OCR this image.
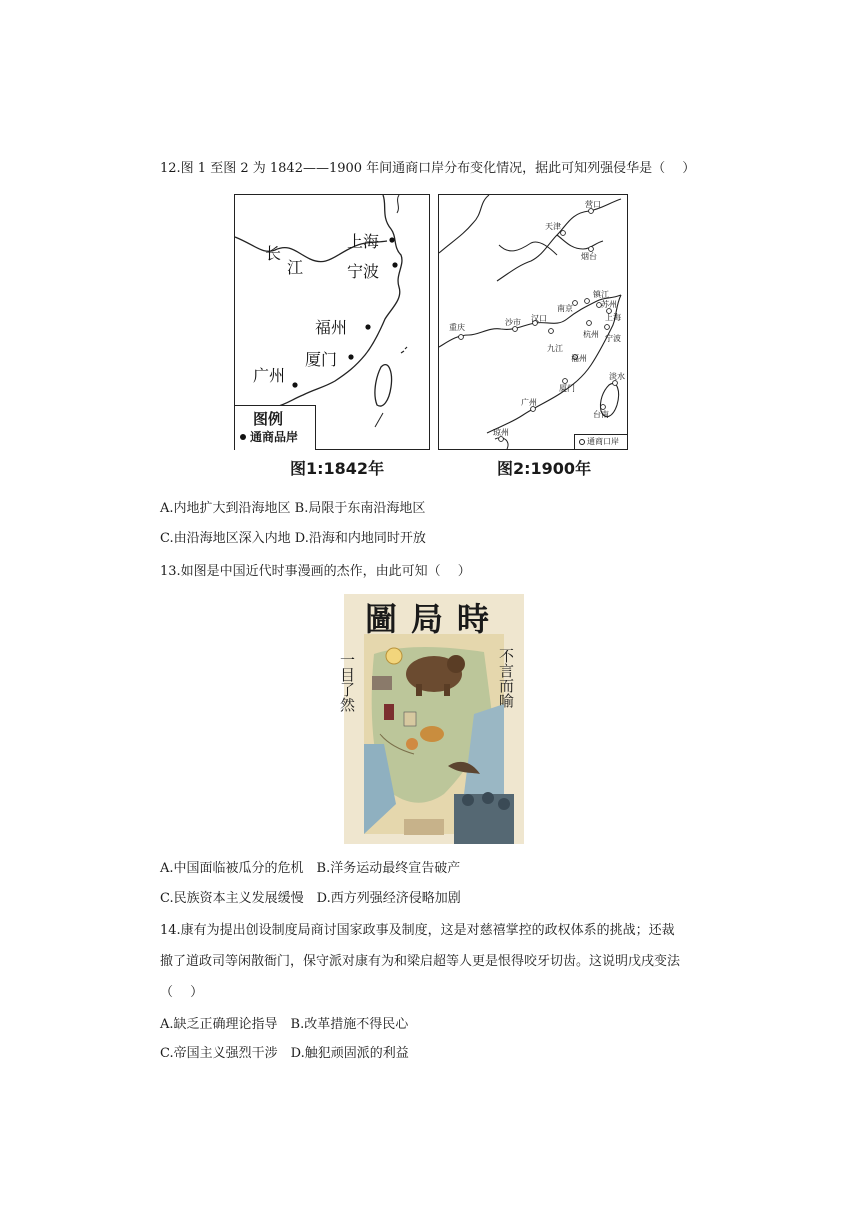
12.图 1 至图 2 为 1842——1900 年间通商口岸分布变化情况，据此可知列强侵华是（　 ）
上海
长
江	宁波
福州
厦门
广州
图例
通商品岸
图1:1842年
营口
天津
烟台
南京
镇江
苏州
上海
重庆
沙市 汉口
九江
杭州 宁波
福州
厦门
淡水
广州
台南
琼州
通商口岸
图2:1900年
A.内地扩大到沿海地区 B.局限于东南沿海地区
C.由沿海地区深入内地 D.沿海和内地同时开放
13.如图是中国近代时事漫画的杰作，由此可知（　 ）
圖局時
一目了然	不言而喻
A.中国面临被瓜分的危机　B.洋务运动最终宣告破产
C.民族资本主义发展缓慢　D.西方列强经济侵略加剧
14.康有为提出创设制度局商讨国家政事及制度，这是对慈禧掌控的政权体系的挑战；还裁
撤了道政司等闲散衙门，保守派对康有为和梁启超等人更是恨得咬牙切齿。这说明戊戌变法
（　 ）
A.缺乏正确理论指导　B.改革措施不得民心
C.帝国主义强烈干涉　D.触犯顽固派的利益
